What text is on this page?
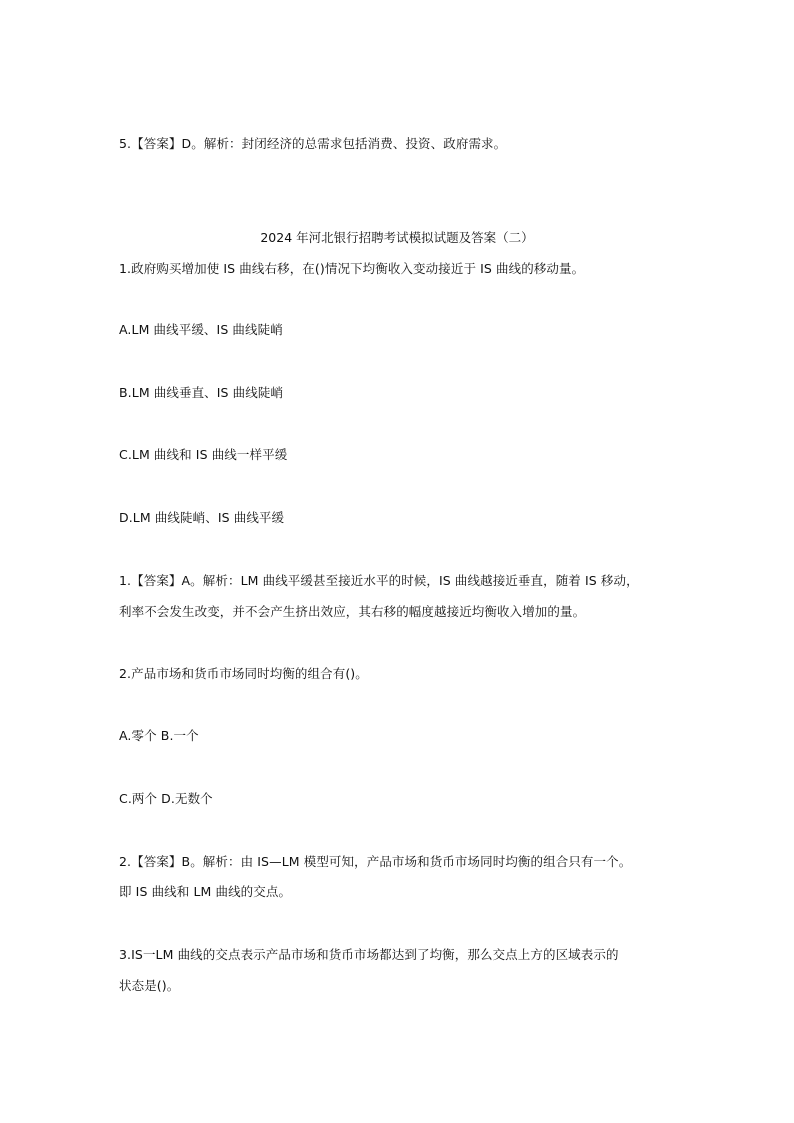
5.【答案】D。解析：封闭经济的总需求包括消费、投资、政府需求。

2024 年河北银行招聘考试模拟试题及答案（二）

1.政府购买增加使 IS 曲线右移，在()情况下均衡收入变动接近于 IS 曲线的移动量。

A.LM 曲线平缓、IS 曲线陡峭

B.LM 曲线垂直、IS 曲线陡峭

C.LM 曲线和 IS 曲线一样平缓

D.LM 曲线陡峭、IS 曲线平缓

1.【答案】A。解析：LM 曲线平缓甚至接近水平的时候，IS 曲线越接近垂直，随着 IS 移动，

利率不会发生改变，并不会产生挤出效应，其右移的幅度越接近均衡收入增加的量。

2.产品市场和货币市场同时均衡的组合有()。

A.零个 B.一个

C.两个 D.无数个

2.【答案】B。解析：由 IS—LM 模型可知，产品市场和货币市场同时均衡的组合只有一个。

即 IS 曲线和 LM 曲线的交点。

3.IS一LM 曲线的交点表示产品市场和货币市场都达到了均衡，那么交点上方的区域表示的

状态是()。
